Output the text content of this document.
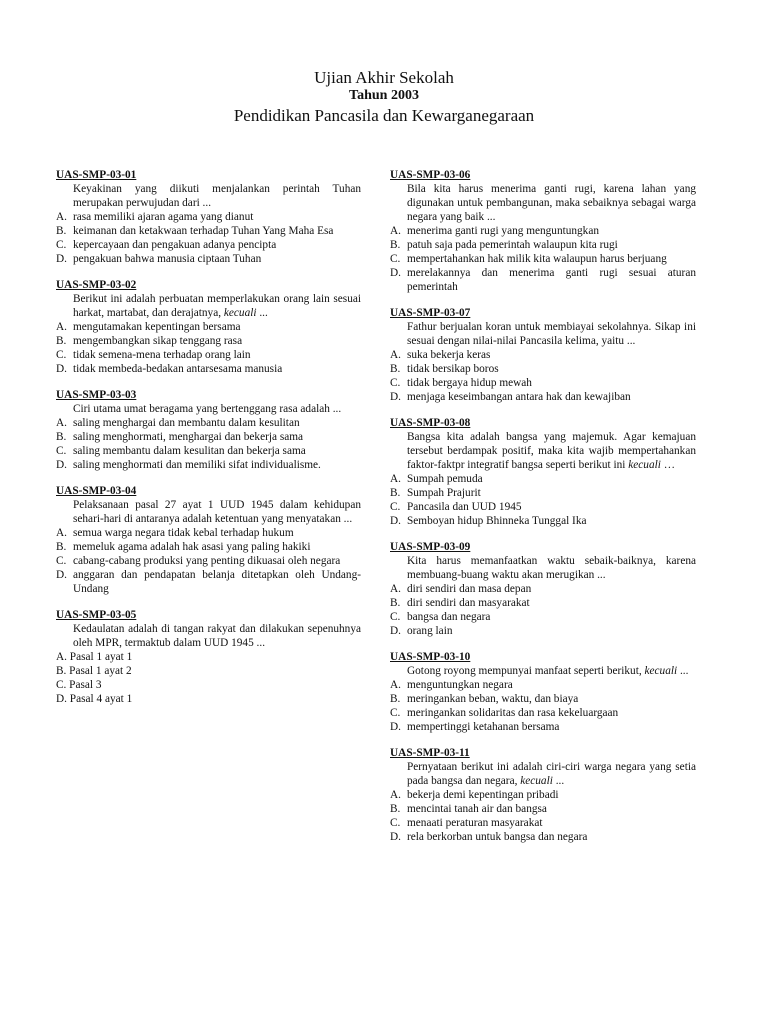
Ujian Akhir Sekolah
Tahun 2003
Pendidikan Pancasila dan Kewarganegaraan
UAS-SMP-03-01
Keyakinan yang diikuti menjalankan perintah Tuhan merupakan perwujudan dari ...
A. rasa memiliki ajaran agama yang dianut
B. keimanan dan ketakwaan terhadap Tuhan Yang Maha Esa
C. kepercayaan dan pengakuan adanya pencipta
D. pengakuan bahwa manusia ciptaan Tuhan
UAS-SMP-03-02
Berikut ini adalah perbuatan memperlakukan orang lain sesuai harkat, martabat, dan derajatnya, kecuali ...
A. mengutamakan kepentingan bersama
B. mengembangkan sikap tenggang rasa
C. tidak semena-mena terhadap orang lain
D. tidak membeda-bedakan antarsesama manusia
UAS-SMP-03-03
Ciri utama umat beragama yang bertenggang rasa adalah ...
A. saling menghargai dan membantu dalam kesulitan
B. saling menghormati, menghargai dan bekerja sama
C. saling membantu dalam kesulitan dan bekerja sama
D. saling menghormati dan memiliki sifat individualisme.
UAS-SMP-03-04
Pelaksanaan pasal 27 ayat 1 UUD 1945 dalam kehidupan sehari-hari di antaranya adalah ketentuan yang menyatakan ...
A. semua warga negara tidak kebal terhadap hukum
B. memeluk agama adalah hak asasi yang paling hakiki
C. cabang-cabang produksi yang penting dikuasai oleh negara
D. anggaran dan pendapatan belanja ditetapkan oleh Undang-Undang
UAS-SMP-03-05
Kedaulatan adalah di tangan rakyat dan dilakukan sepenuhnya oleh MPR, termaktub dalam UUD 1945 ...
A. Pasal 1 ayat 1
B. Pasal 1 ayat 2
C. Pasal 3
D. Pasal 4 ayat 1
UAS-SMP-03-06
Bila kita harus menerima ganti rugi, karena lahan yang digunakan untuk pembangunan, maka sebaiknya sebagai warga negara yang baik ...
A. menerima ganti rugi yang menguntungkan
B. patuh saja pada pemerintah walaupun kita rugi
C. mempertahankan hak milik kita walaupun harus berjuang
D. merelakannya dan menerima ganti rugi sesuai aturan pemerintah
UAS-SMP-03-07
Fathur berjualan koran untuk membiayai sekolahnya. Sikap ini sesuai dengan nilai-nilai Pancasila kelima, yaitu ...
A. suka bekerja keras
B. tidak bersikap boros
C. tidak bergaya hidup mewah
D. menjaga keseimbangan antara hak dan kewajiban
UAS-SMP-03-08
Bangsa kita adalah bangsa yang majemuk. Agar kemajuan tersebut berdampak positif, maka kita wajib mempertahankan faktor-faktpr integratif bangsa seperti berikut ini kecuali …
A. Sumpah pemuda
B. Sumpah Prajurit
C. Pancasila dan UUD 1945
D. Semboyan hidup Bhinneka Tunggal Ika
UAS-SMP-03-09
Kita harus memanfaatkan waktu sebaik-baiknya, karena membuang-buang waktu akan merugikan ...
A. diri sendiri dan masa depan
B. diri sendiri dan masyarakat
C. bangsa dan negara
D. orang lain
UAS-SMP-03-10
Gotong royong mempunyai manfaat seperti berikut, kecuali ...
A. menguntungkan negara
B. meringankan beban, waktu, dan biaya
C. meringankan solidaritas dan rasa kekeluargaan
D. mempertinggi ketahanan bersama
UAS-SMP-03-11
Pernyataan berikut ini adalah ciri-ciri warga negara yang setia pada bangsa dan negara, kecuali ...
A. bekerja demi kepentingan pribadi
B. mencintai tanah air dan bangsa
C. menaati peraturan masyarakat
D. rela berkorban untuk bangsa dan negara
